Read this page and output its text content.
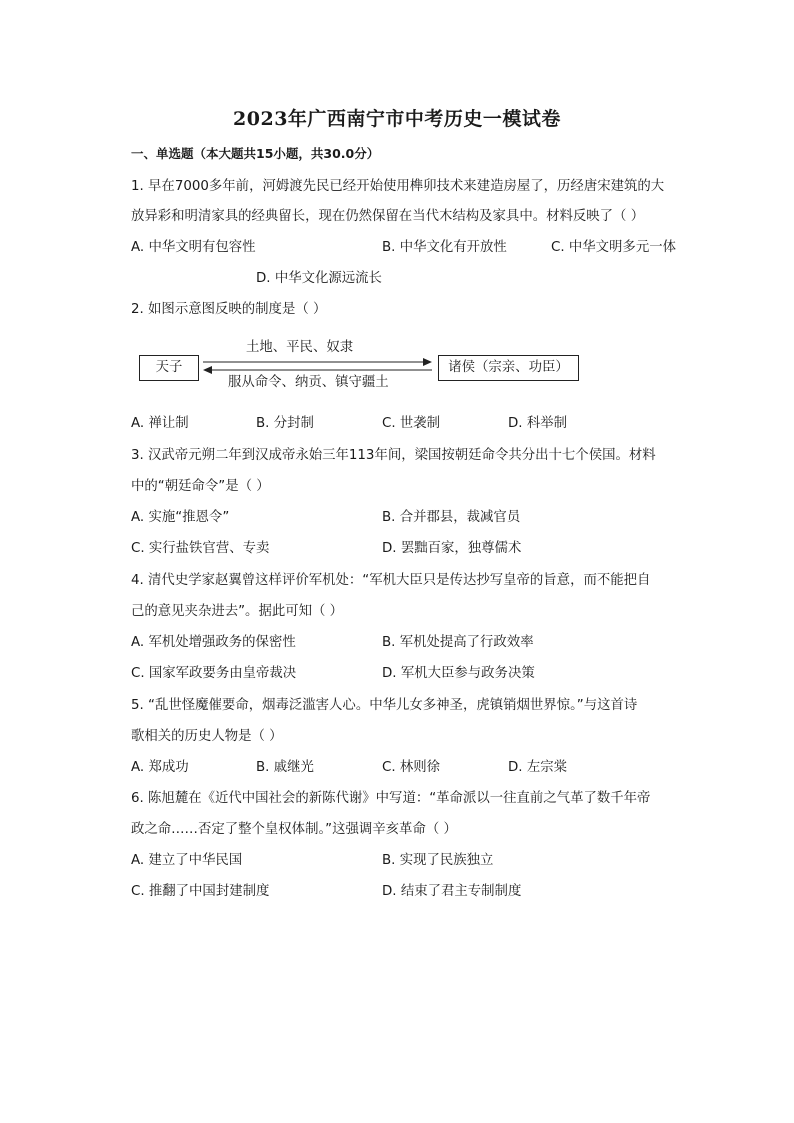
2023年广西南宁市中考历史一模试卷
一、单选题（本大题共15小题，共30.0分）
1. 早在7000多年前，河姆渡先民已经开始使用榫卯技术来建造房屋了，历经唐宋建筑的大
放异彩和明清家具的经典留长，现在仍然保留在当代木结构及家具中。材料反映了（ ）
A. 中华文明有包容性	B. 中华文化有开放性	C. 中华文明多元一体
D. 中华文化源远流长
2. 如图示意图反映的制度是（ ）
天子	诸侯（宗亲、功臣）
土地、平民、奴隶
服从命令、纳贡、镇守疆土
A. 禅让制	B. 分封制	C. 世袭制	D. 科举制
3. 汉武帝元朔二年到汉成帝永始三年113年间，梁国按朝廷命令共分出十七个侯国。材料
中的“朝廷命令”是（ ）
A. 实施“推恩令”	B. 合并郡县，裁减官员
C. 实行盐铁官营、专卖	D. 罢黜百家，独尊儒术
4. 清代史学家赵翼曾这样评价军机处：“军机大臣只是传达抄写皇帝的旨意，而不能把自
己的意见夹杂进去”。据此可知（ ）
A. 军机处增强政务的保密性	B. 军机处提高了行政效率
C. 国家军政要务由皇帝裁决	D. 军机大臣参与政务决策
5. “乱世怪魔催要命，烟毒泛滥害人心。中华儿女多神圣，虎镇销烟世界惊。”与这首诗
歌相关的历史人物是（ ）
A. 郑成功	B. 戚继光	C. 林则徐	D. 左宗棠
6. 陈旭麓在《近代中国社会的新陈代谢》中写道：“革命派以一往直前之气革了数千年帝
政之命……否定了整个皇权体制。”这强调辛亥革命（ ）
A. 建立了中华民国	B. 实现了民族独立
C. 推翻了中国封建制度	D. 结束了君主专制制度
